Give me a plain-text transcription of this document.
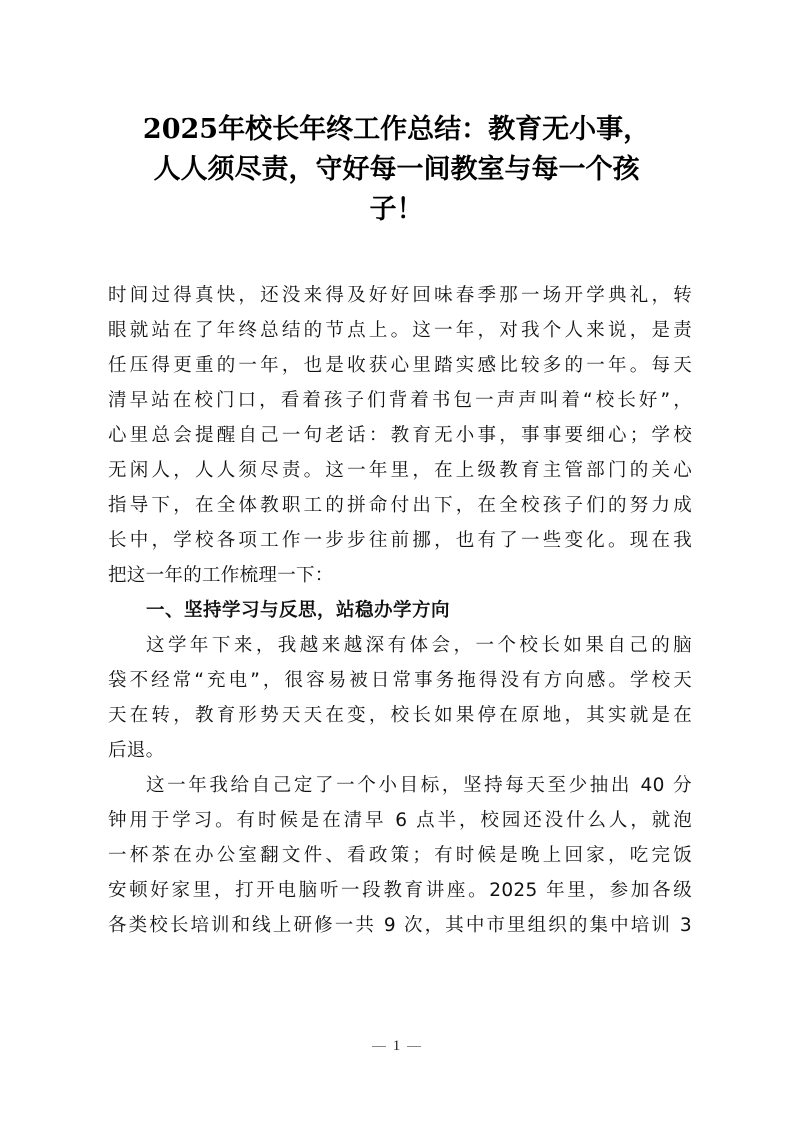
2025年校长年终工作总结：教育无小事，
人人须尽责，守好每一间教室与每一个孩
子！
时间过得真快，还没来得及好好回味春季那一场开学典礼，转
眼就站在了年终总结的节点上。这一年，对我个人来说，是责
任压得更重的一年，也是收获心里踏实感比较多的一年。每天
清早站在校门口，看着孩子们背着书包一声声叫着“校长好”，
心里总会提醒自己一句老话：教育无小事，事事要细心；学校
无闲人，人人须尽责。这一年里，在上级教育主管部门的关心
指导下，在全体教职工的拼命付出下，在全校孩子们的努力成
长中，学校各项工作一步步往前挪，也有了一些变化。现在我
把这一年的工作梳理一下：
一、坚持学习与反思，站稳办学方向
这学年下来，我越来越深有体会，一个校长如果自己的脑
袋不经常“充电”，很容易被日常事务拖得没有方向感。学校天
天在转，教育形势天天在变，校长如果停在原地，其实就是在
后退。
这一年我给自己定了一个小目标，坚持每天至少抽出 40 分
钟用于学习。有时候是在清早 6 点半，校园还没什么人，就泡
一杯茶在办公室翻文件、看政策；有时候是晚上回家，吃完饭
安顿好家里，打开电脑听一段教育讲座。2025 年里，参加各级
各类校长培训和线上研修一共 9 次，其中市里组织的集中培训 3
1
